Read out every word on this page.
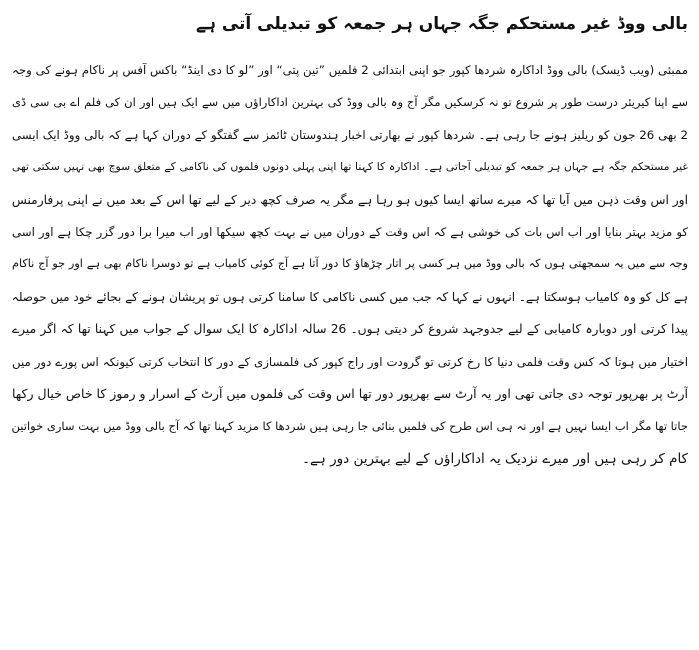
بالی ووڈ غیر مستحکم جگہ جہاں ہر جمعہ کو تبدیلی آتی ہے
ممبئی (ویب ڈیسک) بالی ووڈ اداکارہ شردھا کپور جو اپنی ابتدائی 2 فلمیں ”تین پتی“ اور ”لو کا دی اینڈ“ باکس آفس پر ناکام ہونے کی وجہ
سے اپنا کیریئر درست طور پر شروع تو نہ کرسکیں مگر آج وہ بالی ووڈ کی بہترین اداکاراؤں میں سے ایک ہیں اور ان کی فلم اے بی سی ڈی
2 بھی 26 جون کو ریلیز ہونے جا رہی ہے۔ شردھا کپور نے بھارتی اخبار ہندوستان ٹائمز سے گفتگو کے دوران کہا ہے کہ بالی ووڈ ایک ایسی
غیر مستحکم جگہ ہے جہاں ہر جمعہ کو تبدیلی آجاتی ہے۔ اداکارہ کا کہنا تھا اپنی پہلی دونوں فلموں کی ناکامی کے متعلق سوچ بھی نہیں سکتی تھی
اور اس وقت ذہن میں آیا تھا کہ میرے ساتھ ایسا کیوں ہو رہا ہے مگر یہ صرف کچھ دیر کے لیے تھا اس کے بعد میں نے اپنی پرفارمنس
کو مزید بہتر بنایا اور اب اس بات کی خوشی ہے کہ اس وقت کے دوران میں نے بہت کچھ سیکھا اور اب میرا برا دور گزر چکا ہے اور اسی
وجہ سے میں یہ سمجھتی ہوں کہ بالی ووڈ میں ہر کسی پر اتار چڑھاؤ کا دور آتا ہے آج کوئی کامیاب ہے تو دوسرا ناکام بھی ہے اور جو آج ناکام
ہے کل کو وہ کامیاب ہوسکتا ہے۔ انہوں نے کہا کہ جب میں کسی ناکامی کا سامنا کرتی ہوں تو پریشان ہونے کے بجائے خود میں حوصلہ
پیدا کرتی اور دوبارہ کامیابی کے لیے جدوجہد شروع کر دیتی ہوں۔ 26 سالہ اداکارہ کا ایک سوال کے جواب میں کہنا تھا کہ اگر میرے
اختیار میں ہوتا کہ کس وقت فلمی دنیا کا رخ کرتی تو گرودت اور راج کپور کی فلمسازی کے دور کا انتخاب کرتی کیونکہ اس پورے دور میں
آرٹ پر بھرپور توجہ دی جاتی تھی اور یہ آرٹ سے بھرپور دور تھا اس وقت کی فلموں میں آرٹ کے اسرار و رموز کا خاص خیال رکھا
جاتا تھا مگر اب ایسا نہیں ہے اور نہ ہی اس طرح کی فلمیں بنائی جا رہی ہیں شردھا کا مزید کہنا تھا کہ آج بالی ووڈ میں بہت ساری خواتین
کام کر رہی ہیں اور میرے نزدیک یہ اداکاراؤں کے لیے بہترین دور ہے۔
